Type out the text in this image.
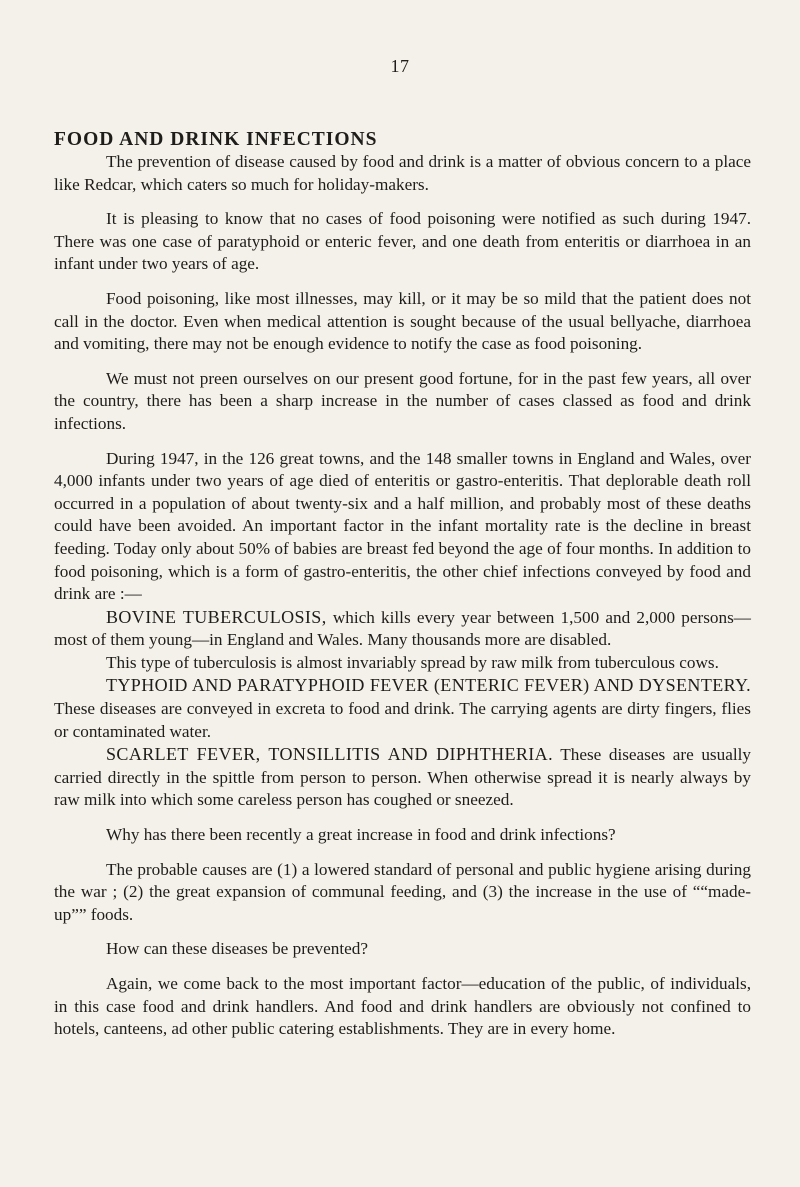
17
FOOD AND DRINK INFECTIONS

The prevention of disease caused by food and drink is a matter of obvious concern to a place like Redcar, which caters so much for holiday-makers.

It is pleasing to know that no cases of food poisoning were notified as such during 1947. There was one case of paratyphoid or enteric fever, and one death from enteritis or diarrhoea in an infant under two years of age.

Food poisoning, like most illnesses, may kill, or it may be so mild that the patient does not call in the doctor. Even when medical attention is sought because of the usual bellyache, diarrhoea and vomiting, there may not be enough evidence to notify the case as food poisoning.

We must not preen ourselves on our present good fortune, for in the past few years, all over the country, there has been a sharp increase in the number of cases classed as food and drink infections.

During 1947, in the 126 great towns, and the 148 smaller towns in England and Wales, over 4,000 infants under two years of age died of enteritis or gastro-enteritis. That deplorable death roll occurred in a population of about twenty-six and a half million, and probably most of these deaths could have been avoided. An important factor in the infant mortality rate is the decline in breast feeding. Today only about 50% of babies are breast fed beyond the age of four months. In addition to food poisoning, which is a form of gastro-enteritis, the other chief infections conveyed by food and drink are :—

BOVINE TUBERCULOSIS, which kills every year between 1,500 and 2,000 persons—most of them young—in England and Wales. Many thousands more are disabled.

This type of tuberculosis is almost invariably spread by raw milk from tuberculous cows.

TYPHOID AND PARATYPHOID FEVER (ENTERIC FEVER) AND DYSENTERY. These diseases are conveyed in excreta to food and drink. The carrying agents are dirty fingers, flies or contaminated water.

SCARLET FEVER, TONSILLITIS AND DIPHTHERIA. These diseases are usually carried directly in the spittle from person to person. When otherwise spread it is nearly always by raw milk into which some careless person has coughed or sneezed.

Why has there been recently a great increase in food and drink infections?

The probable causes are (1) a lowered standard of personal and public hygiene arising during the war ; (2) the great expansion of communal feeding, and (3) the increase in the use of ““made-up”” foods.

How can these diseases be prevented?

Again, we come back to the most important factor—education of the public, of individuals, in this case food and drink handlers. And food and drink handlers are obviously not confined to hotels, canteens, ad other public catering establishments. They are in every home.
